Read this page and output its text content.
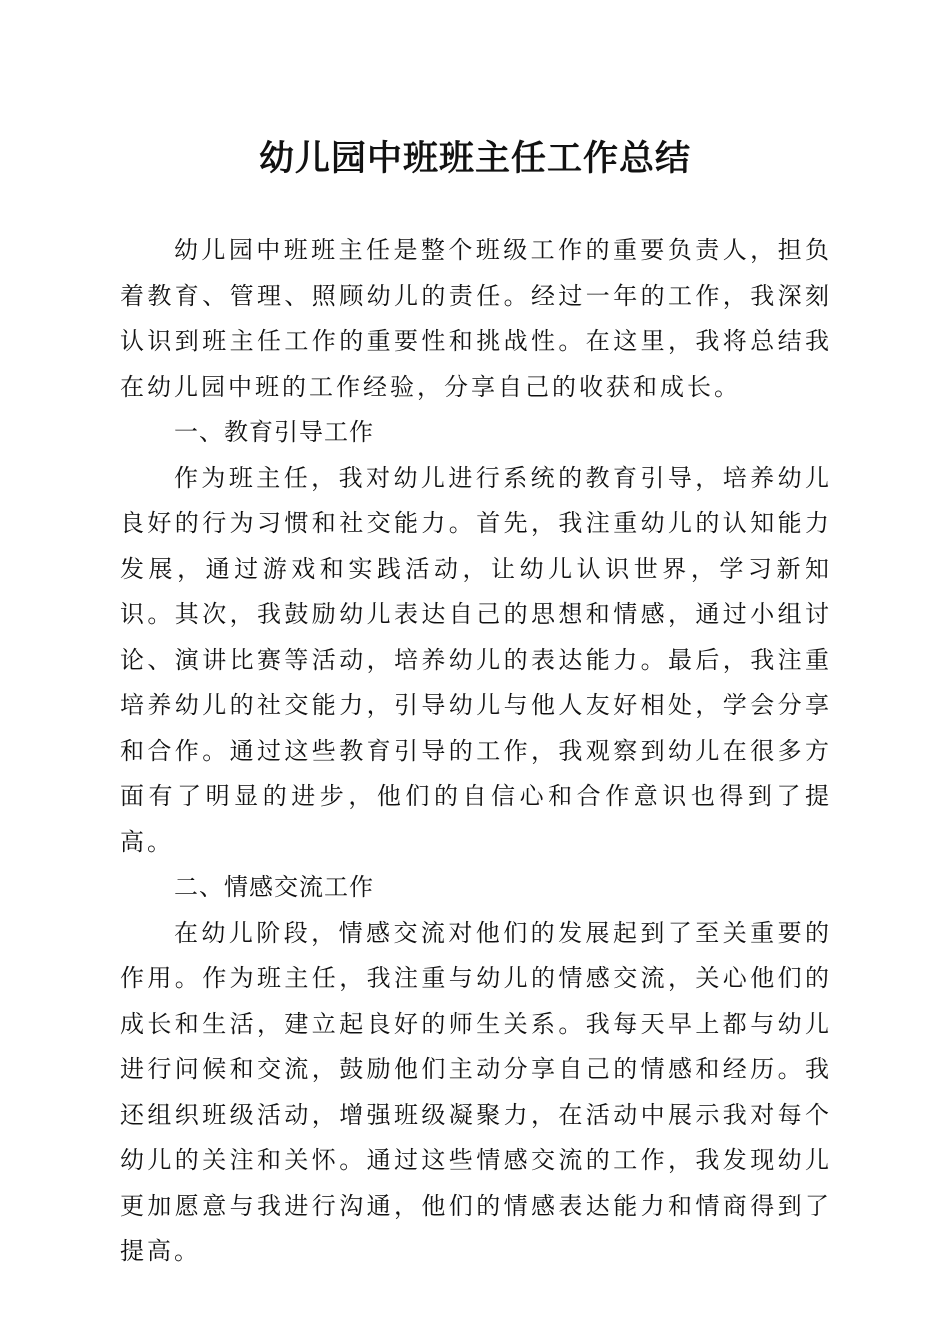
幼儿园中班班主任工作总结

幼儿园中班班主任是整个班级工作的重要负责人，担负着教育、管理、照顾幼儿的责任。经过一年的工作，我深刻认识到班主任工作的重要性和挑战性。在这里，我将总结我在幼儿园中班的工作经验，分享自己的收获和成长。

一、教育引导工作

作为班主任，我对幼儿进行系统的教育引导，培养幼儿良好的行为习惯和社交能力。首先，我注重幼儿的认知能力发展，通过游戏和实践活动，让幼儿认识世界，学习新知识。其次，我鼓励幼儿表达自己的思想和情感，通过小组讨论、演讲比赛等活动，培养幼儿的表达能力。最后，我注重培养幼儿的社交能力，引导幼儿与他人友好相处，学会分享和合作。通过这些教育引导的工作，我观察到幼儿在很多方面有了明显的进步，他们的自信心和合作意识也得到了提高。

二、情感交流工作

在幼儿阶段，情感交流对他们的发展起到了至关重要的作用。作为班主任，我注重与幼儿的情感交流，关心他们的成长和生活，建立起良好的师生关系。我每天早上都与幼儿进行问候和交流，鼓励他们主动分享自己的情感和经历。我还组织班级活动，增强班级凝聚力，在活动中展示我对每个幼儿的关注和关怀。通过这些情感交流的工作，我发现幼儿更加愿意与我进行沟通，他们的情感表达能力和情商得到了提高。
